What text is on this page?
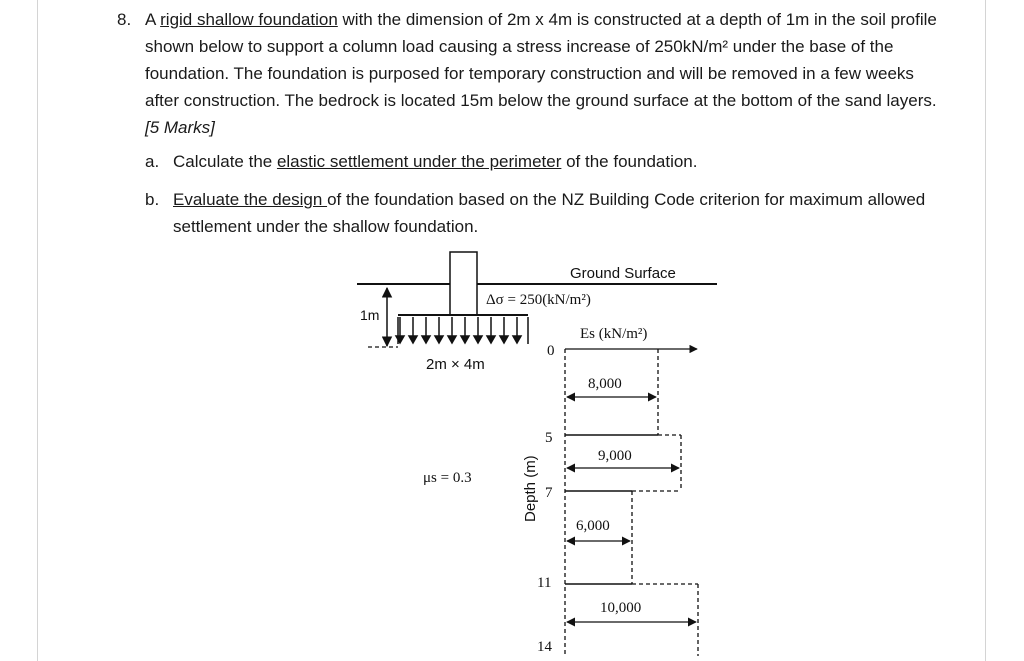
8. A rigid shallow foundation with the dimension of 2m x 4m is constructed at a depth of 1m in the soil profile shown below to support a column load causing a stress increase of 250kN/m² under the base of the foundation. The foundation is purposed for temporary construction and will be removed in a few weeks after construction. The bedrock is located 15m below the ground surface at the bottom of the sand layers. [5 Marks]
a. Calculate the elastic settlement under the perimeter of the foundation.
b. Evaluate the design of the foundation based on the NZ Building Code criterion for maximum allowed settlement under the shallow foundation.
Ground Surface
Δσ = 250(kN/m²)
1m
2m × 4m
μs = 0.3
Es (kN/m²)
Depth (m)
0
5
7
11
14
8,000
9,000
6,000
10,000
